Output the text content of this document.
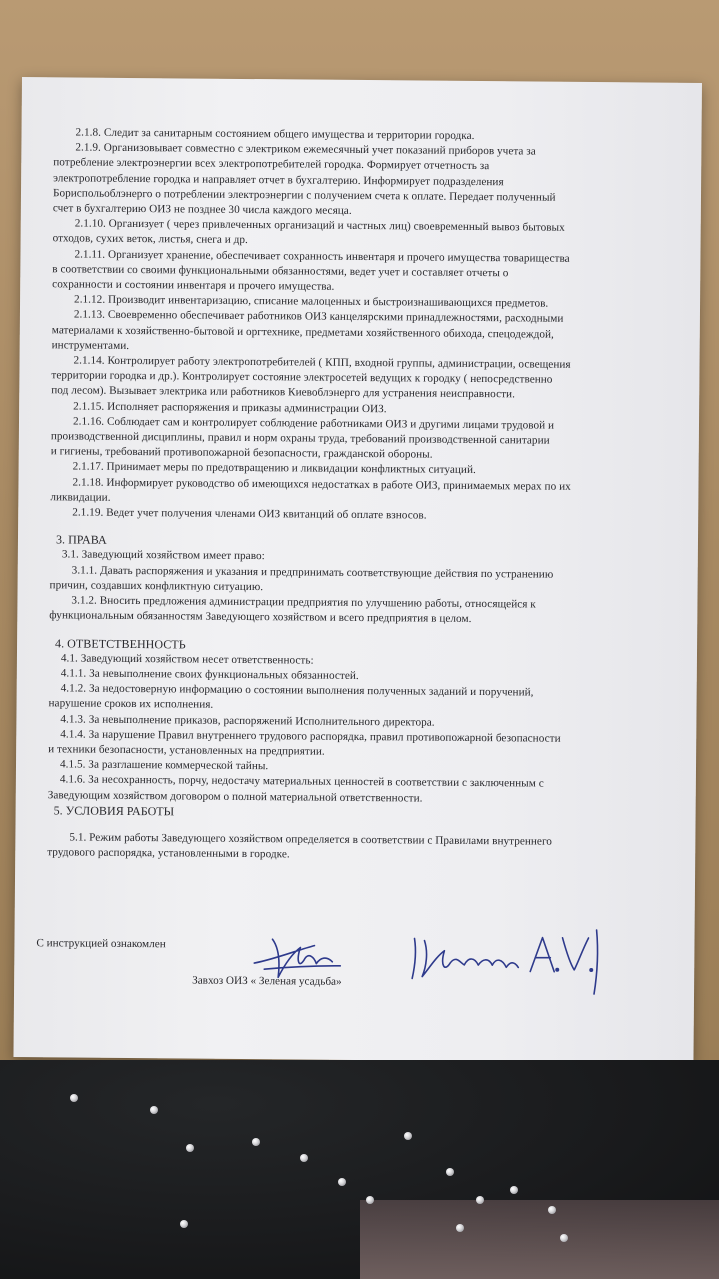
2.1.8. Следит за санитарным состоянием общего имущества и территории городка.
2.1.9. Организовывает совместно с электриком ежемесячный учет показаний приборов учета за
потребление электроэнергии всех электропотребителей городка. Формирует отчетность за
электропотребление городка и направляет отчет в бухгалтерию. Информирует подразделения
Бориспольоблэнерго о потреблении электроэнергии с получением счета к оплате. Передает полученный
счет в бухгалтерию ОИЗ не позднее 30 числа каждого месяца.
2.1.10. Организует ( через привлеченных организаций и частных лиц) своевременный вывоз бытовых
отходов, сухих веток, листья, снега и др.
2.1.11. Организует хранение, обеспечивает сохранность инвентаря и прочего имущества товарищества
в соответствии со своими функциональными обязанностями, ведет учет и составляет отчеты о
сохранности и состоянии инвентаря и прочего имущества.
2.1.12. Производит инвентаризацию, списание малоценных и быстроизнашивающихся предметов.
2.1.13. Своевременно обеспечивает работников ОИЗ канцелярскими принадлежностями, расходными
материалами к хозяйственно-бытовой и оргтехнике, предметами хозяйственного обихода, спецодеждой,
инструментами.
2.1.14. Контролирует работу электропотребителей ( КПП, входной группы, администрации, освещения
территории городка и др.). Контролирует состояние электросетей ведущих к городку ( непосредственно
под лесом). Вызывает электрика или работников Киевоблэнерго для устранения неисправности.
2.1.15. Исполняет распоряжения и приказы администрации ОИЗ.
2.1.16. Соблюдает сам и контролирует соблюдение работниками ОИЗ и другими лицами трудовой и
производственной дисциплины, правил и норм охраны труда, требований производственной санитарии
и гигиены, требований противопожарной безопасности, гражданской обороны.
2.1.17. Принимает меры по предотвращению и ликвидации конфликтных ситуаций.
2.1.18. Информирует руководство об имеющихся недостатках в работе ОИЗ, принимаемых мерах по их
ликвидации.
2.1.19. Ведет учет получения членами ОИЗ квитанций об оплате взносов.
3. ПРАВА
3.1. Заведующий хозяйством имеет право:
3.1.1. Давать распоряжения и указания и предпринимать соответствующие действия по устранению
причин, создавших конфликтную ситуацию.
3.1.2. Вносить предложения администрации предприятия по улучшению работы, относящейся к
функциональным обязанностям Заведующего хозяйством и всего предприятия в целом.
4. ОТВЕТСТВЕННОСТЬ
4.1. Заведующий хозяйством несет ответственность:
4.1.1. За невыполнение своих функциональных обязанностей.
4.1.2. За недостоверную информацию о состоянии выполнения полученных заданий и поручений,
нарушение сроков их исполнения.
4.1.3. За невыполнение приказов, распоряжений Исполнительного директора.
4.1.4. За нарушение Правил внутреннего трудового распорядка, правил противопожарной безопасности
и техники безопасности, установленных на предприятии.
4.1.5. За разглашение коммерческой тайны.
4.1.6. За несохранность, порчу, недостачу материальных ценностей в соответствии с заключенным с
Заведующим хозяйством договором о полной материальной ответственности.
5. УСЛОВИЯ РАБОТЫ
5.1. Режим работы Заведующего хозяйством определяется в соответствии с Правилами внутреннего
трудового распорядка, установленными в городке.
С инструкцией ознакомлен
Завхоз ОИЗ « Зеленая усадьба»
